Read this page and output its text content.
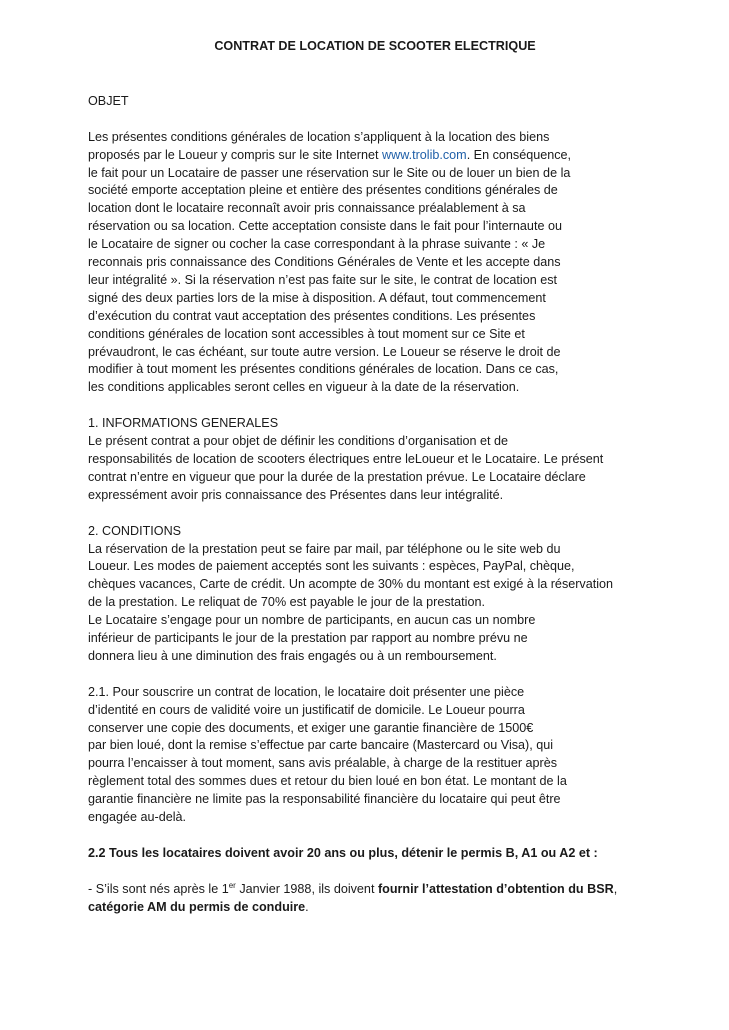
CONTRAT DE LOCATION DE SCOOTER ELECTRIQUE
OBJET
Les présentes conditions générales de location s’appliquent à la location des biens
proposés par le Loueur y compris sur le site Internet www.trolib.com. En conséquence,
le fait pour un Locataire de passer une réservation sur le Site ou de louer un bien de la
société emporte acceptation pleine et entière des présentes conditions générales de
location dont le locataire reconnaît avoir pris connaissance préalablement à sa
réservation ou sa location. Cette acceptation consiste dans le fait pour l’internaute ou
le Locataire de signer ou cocher la case correspondant à la phrase suivante : « Je
reconnais pris connaissance des Conditions Générales de Vente et les accepte dans
leur intégralité ». Si la réservation n’est pas faite sur le site, le contrat de location est
signé des deux parties lors de la mise à disposition. A défaut, tout commencement
d’exécution du contrat vaut acceptation des présentes conditions. Les présentes
conditions générales de location sont accessibles à tout moment sur ce Site et
prévaudront, le cas échéant, sur toute autre version. Le Loueur se réserve le droit de
modifier à tout moment les présentes conditions générales de location. Dans ce cas,
les conditions applicables seront celles en vigueur à la date de la réservation.
1. INFORMATIONS GENERALES
Le présent contrat a pour objet de définir les conditions d’organisation et de
responsabilités de location de scooters électriques entre leLoueur et le Locataire. Le présent
contrat n’entre en vigueur que pour la durée de la prestation prévue. Le Locataire déclare
expressément avoir pris connaissance des Présentes dans leur intégralité.
2. CONDITIONS
La réservation de la prestation peut se faire par mail, par téléphone ou le site web du
Loueur. Les modes de paiement acceptés sont les suivants : espèces, PayPal, chèque,
chèques vacances, Carte de crédit. Un acompte de 30% du montant est exigé à la réservation
de la prestation. Le reliquat de 70% est payable le jour de la prestation.
Le Locataire s’engage pour un nombre de participants, en aucun cas un nombre
inférieur de participants le jour de la prestation par rapport au nombre prévu ne
donnera lieu à une diminution des frais engagés ou à un remboursement.
2.1. Pour souscrire un contrat de location, le locataire doit présenter une pièce
d’identité en cours de validité voire un justificatif de domicile. Le Loueur pourra
conserver une copie des documents, et exiger une garantie financière de 1500€
par bien loué, dont la remise s’effectue par carte bancaire (Mastercard ou Visa), qui
pourra l’encaisser à tout moment, sans avis préalable, à charge de la restituer après
règlement total des sommes dues et retour du bien loué en bon état. Le montant de la
garantie financière ne limite pas la responsabilité financière du locataire qui peut être
engagée au-delà.
2.2 Tous les locataires doivent avoir 20 ans ou plus, détenir le permis B, A1 ou A2 et :
- S’ils sont nés après le 1er Janvier 1988, ils doivent fournir l’attestation d’obtention du BSR,
catégorie AM du permis de conduire.
